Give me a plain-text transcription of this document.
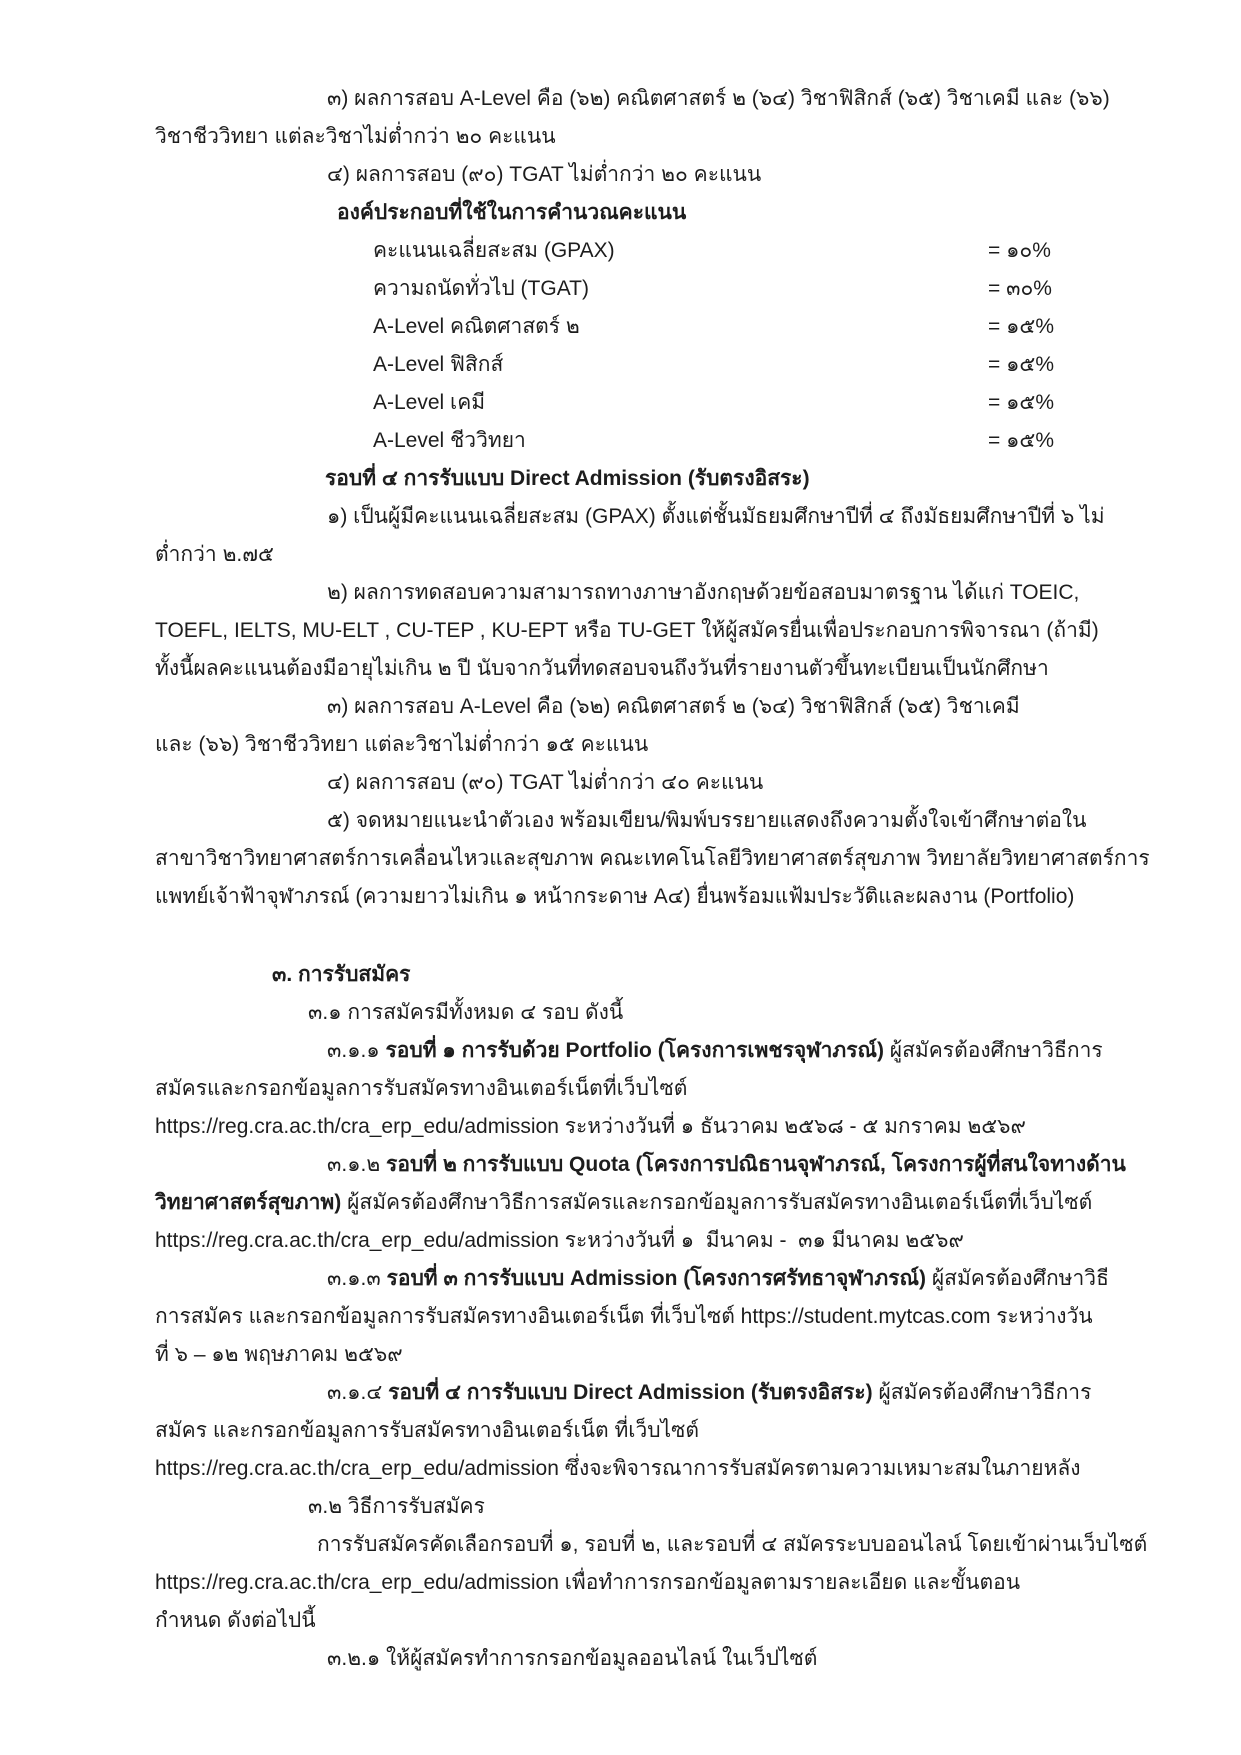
๓) ผลการสอบ A-Level คือ (๖๒) คณิตศาสตร์ ๒ (๖๔) วิชาฟิสิกส์ (๖๕) วิชาเคมี และ (๖๖)
วิชาชีววิทยา แต่ละวิชาไม่ต่ำกว่า ๒๐ คะแนน
๔) ผลการสอบ (๙๐) TGAT ไม่ต่ำกว่า ๒๐ คะแนน
องค์ประกอบที่ใช้ในการคำนวณคะแนน
คะแนนเฉลี่ยสะสม (GPAX)	= ๑๐%
ความถนัดทั่วไป (TGAT)	= ๓๐%
A-Level คณิตศาสตร์ ๒	= ๑๕%
A-Level ฟิสิกส์	= ๑๕%
A-Level เคมี	= ๑๕%
A-Level ชีววิทยา	= ๑๕%
รอบที่ ๔ การรับแบบ Direct Admission (รับตรงอิสระ)
๑) เป็นผู้มีคะแนนเฉลี่ยสะสม (GPAX) ตั้งแต่ชั้นมัธยมศึกษาปีที่ ๔ ถึงมัธยมศึกษาปีที่ ๖ ไม่
ต่ำกว่า ๒.๗๕
๒) ผลการทดสอบความสามารถทางภาษาอังกฤษด้วยข้อสอบมาตรฐาน ได้แก่ TOEIC,
TOEFL, IELTS, MU-ELT , CU-TEP , KU-EPT หรือ TU-GET ให้ผู้สมัครยื่นเพื่อประกอบการพิจารณา (ถ้ามี)
ทั้งนี้ผลคะแนนต้องมีอายุไม่เกิน ๒ ปี นับจากวันที่ทดสอบจนถึงวันที่รายงานตัวขึ้นทะเบียนเป็นนักศึกษา
๓) ผลการสอบ A-Level คือ (๖๒) คณิตศาสตร์ ๒ (๖๔) วิชาฟิสิกส์ (๖๕) วิชาเคมี
และ (๖๖) วิชาชีววิทยา แต่ละวิชาไม่ต่ำกว่า ๑๕ คะแนน
๔) ผลการสอบ (๙๐) TGAT ไม่ต่ำกว่า ๔๐ คะแนน
๕) จดหมายแนะนำตัวเอง พร้อมเขียน/พิมพ์บรรยายแสดงถึงความตั้งใจเข้าศึกษาต่อใน
สาขาวิชาวิทยาศาสตร์การเคลื่อนไหวและสุขภาพ คณะเทคโนโลยีวิทยาศาสตร์สุขภาพ วิทยาลัยวิทยาศาสตร์การ
แพทย์เจ้าฟ้าจุฬาภรณ์ (ความยาวไม่เกิน ๑ หน้ากระดาษ A๔) ยื่นพร้อมแฟ้มประวัติและผลงาน (Portfolio)
๓. การรับสมัคร
๓.๑ การสมัครมีทั้งหมด ๔ รอบ ดังนี้
๓.๑.๑ รอบที่ ๑ การรับด้วย Portfolio (โครงการเพชรจุฬาภรณ์) ผู้สมัครต้องศึกษาวิธีการ
สมัครและกรอกข้อมูลการรับสมัครทางอินเตอร์เน็ตที่เว็บไซต์
https://reg.cra.ac.th/cra_erp_edu/admission ระหว่างวันที่ ๑ ธันวาคม ๒๕๖๘ - ๕ มกราคม ๒๕๖๙
๓.๑.๒ รอบที่ ๒ การรับแบบ Quota (โครงการปณิธานจุฬาภรณ์, โครงการผู้ที่สนใจทางด้าน
วิทยาศาสตร์สุขภาพ) ผู้สมัครต้องศึกษาวิธีการสมัครและกรอกข้อมูลการรับสมัครทางอินเตอร์เน็ตที่เว็บไซต์
https://reg.cra.ac.th/cra_erp_edu/admission ระหว่างวันที่ ๑  มีนาคม -  ๓๑ มีนาคม ๒๕๖๙
๓.๑.๓ รอบที่ ๓ การรับแบบ Admission (โครงการศรัทธาจุฬาภรณ์) ผู้สมัครต้องศึกษาวิธี
การสมัคร และกรอกข้อมูลการรับสมัครทางอินเตอร์เน็ต ที่เว็บไซต์ https://student.mytcas.com ระหว่างวัน
ที่ ๖ – ๑๒ พฤษภาคม ๒๕๖๙
๓.๑.๔ รอบที่ ๔ การรับแบบ Direct Admission (รับตรงอิสระ) ผู้สมัครต้องศึกษาวิธีการ
สมัคร และกรอกข้อมูลการรับสมัครทางอินเตอร์เน็ต ที่เว็บไซต์
https://reg.cra.ac.th/cra_erp_edu/admission ซึ่งจะพิจารณาการรับสมัครตามความเหมาะสมในภายหลัง
๓.๒ วิธีการรับสมัคร
การรับสมัครคัดเลือกรอบที่ ๑, รอบที่ ๒, และรอบที่ ๔ สมัครระบบออนไลน์ โดยเข้าผ่านเว็บไซต์
https://reg.cra.ac.th/cra_erp_edu/admission เพื่อทำการกรอกข้อมูลตามรายละเอียด และขั้นตอน
กำหนด ดังต่อไปนี้
๓.๒.๑ ให้ผู้สมัครทำการกรอกข้อมูลออนไลน์ ในเว็ปไซต์
